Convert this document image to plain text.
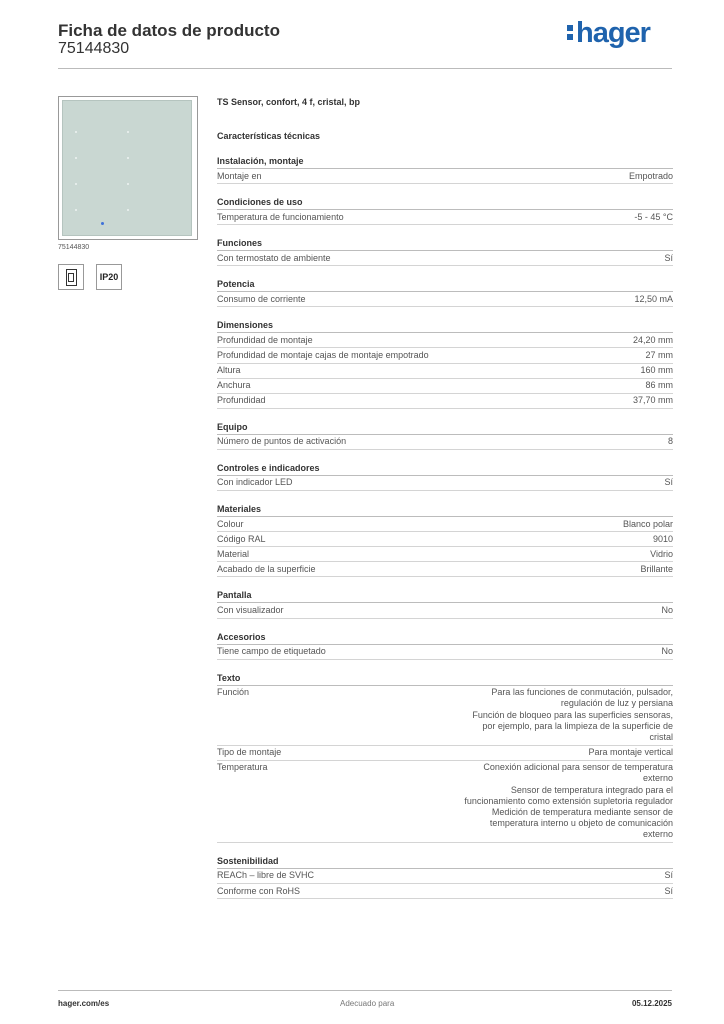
Ficha de datos de producto
75144830	hager
75144830
IP20
TS Sensor, confort, 4 f, cristal, bp
Características técnicas
Instalación, montaje
Montaje en	Empotrado
Condiciones de uso
Temperatura de funcionamiento	-5 - 45 °C
Funciones
Con termostato de ambiente	Sí
Potencia
Consumo de corriente	12,50 mA
Dimensiones
Profundidad de montaje	24,20 mm
Profundidad de montaje cajas de montaje empotrado	27 mm
Altura	160 mm
Anchura	86 mm
Profundidad	37,70 mm
Equipo
Número de puntos de activación	8
Controles e indicadores
Con indicador LED	Sí
Materiales
Colour	Blanco polar
Código RAL	9010
Material	Vidrio
Acabado de la superficie	Brillante
Pantalla
Con visualizador	No
Accesorios
Tiene campo de etiquetado	No
Texto
Función	Para las funciones de conmutación, pulsador,
regulación de luz y persiana
Función de bloqueo para las superficies sensoras,
por ejemplo, para la limpieza de la superficie de
cristal
Tipo de montaje	Para montaje vertical
Temperatura	Conexión adicional para sensor de temperatura
externo
Sensor de temperatura integrado para el
funcionamiento como extensión supletoria regulador
Medición de temperatura mediante sensor de
temperatura interno u objeto de comunicación
externo
Sostenibilidad
REACh – libre de SVHC	Sí
Conforme con RoHS	Sí
hager.com/es	Adecuado para	05.12.2025
